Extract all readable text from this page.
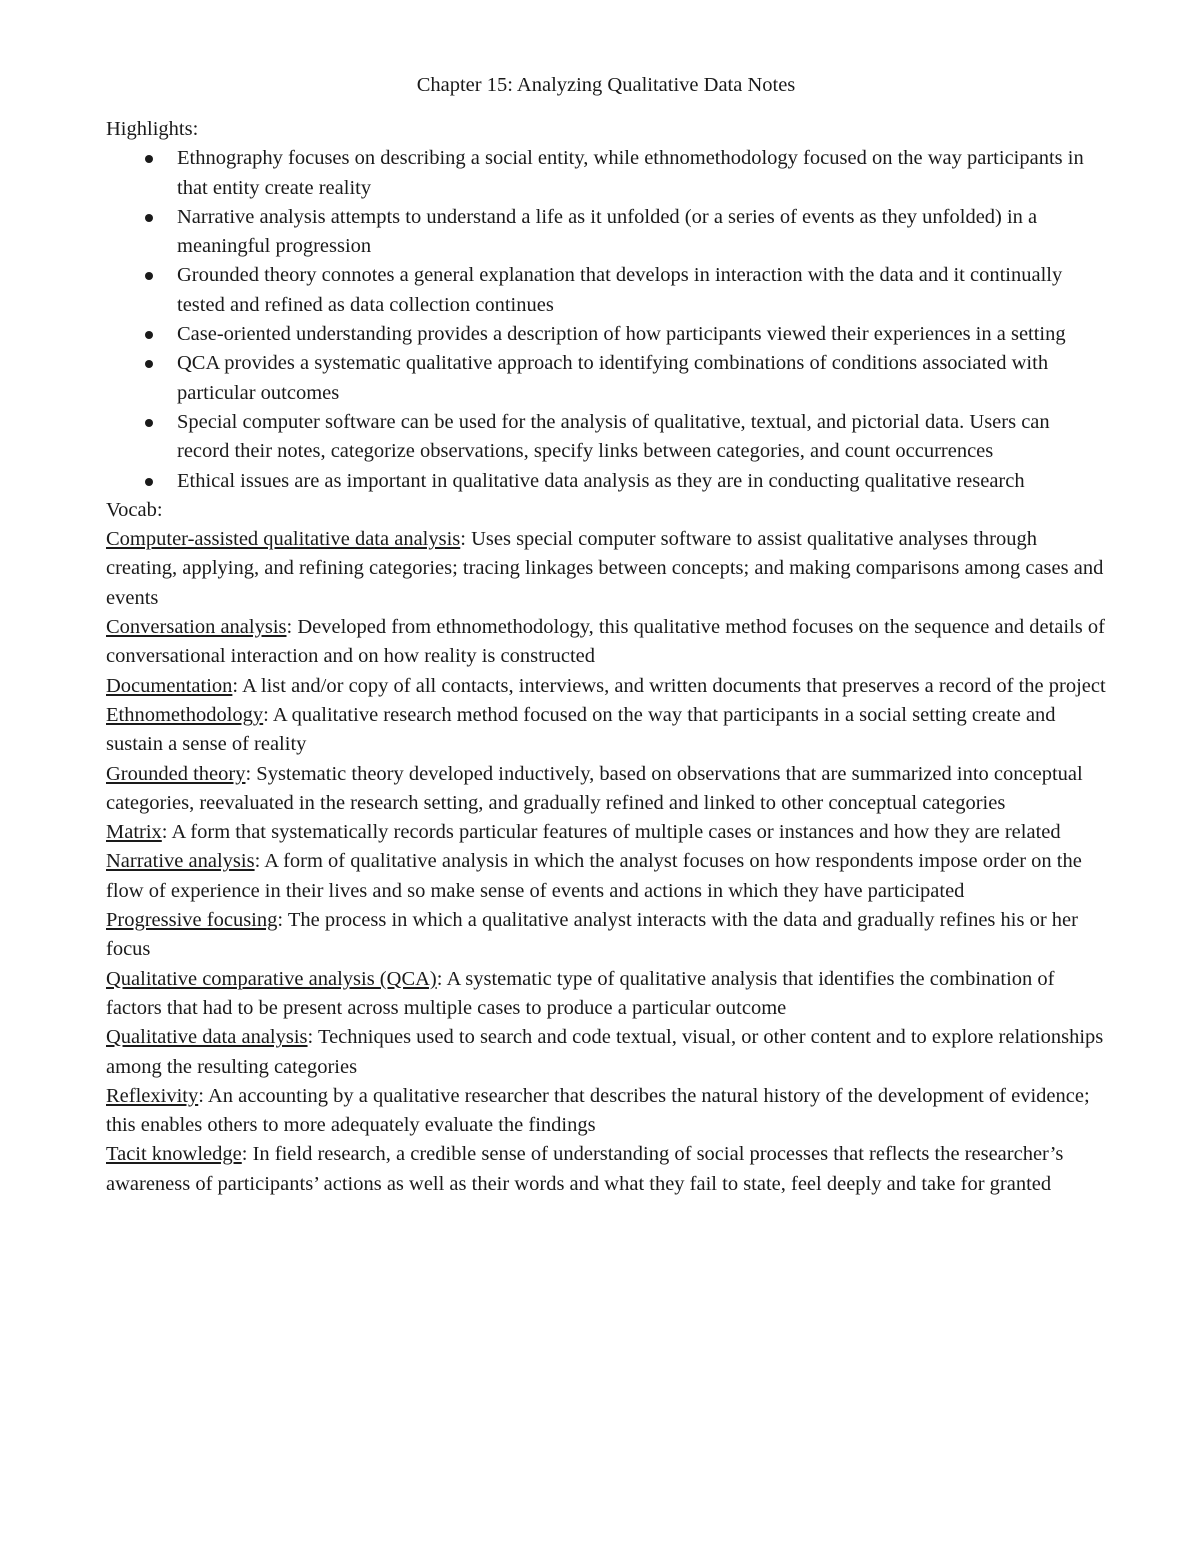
Chapter 15: Analyzing Qualitative Data Notes

Highlights:

Ethnography focuses on describing a social entity, while ethnomethodology focused on the way participants in that entity create reality
Narrative analysis attempts to understand a life as it unfolded (or a series of events as they unfolded) in a meaningful progression
Grounded theory connotes a general explanation that develops in interaction with the data and it continually tested and refined as data collection continues
Case-oriented understanding provides a description of how participants viewed their experiences in a setting
QCA provides a systematic qualitative approach to identifying combinations of conditions associated with particular outcomes
Special computer software can be used for the analysis of qualitative, textual, and pictorial data. Users can record their notes, categorize observations, specify links between categories, and count occurrences
Ethical issues are as important in qualitative data analysis as they are in conducting qualitative research

Vocab:

Computer-assisted qualitative data analysis: Uses special computer software to assist qualitative analyses through creating, applying, and refining categories; tracing linkages between concepts; and making comparisons among cases and events

Conversation analysis: Developed from ethnomethodology, this qualitative method focuses on the sequence and details of conversational interaction and on how reality is constructed

Documentation: A list and/or copy of all contacts, interviews, and written documents that preserves a record of the project

Ethnomethodology: A qualitative research method focused on the way that participants in a social setting create and sustain a sense of reality

Grounded theory: Systematic theory developed inductively, based on observations that are summarized into conceptual categories, reevaluated in the research setting, and gradually refined and linked to other conceptual categories

Matrix: A form that systematically records particular features of multiple cases or instances and how they are related

Narrative analysis: A form of qualitative analysis in which the analyst focuses on how respondents impose order on the flow of experience in their lives and so make sense of events and actions in which they have participated

Progressive focusing: The process in which a qualitative analyst interacts with the data and gradually refines his or her focus

Qualitative comparative analysis (QCA): A systematic type of qualitative analysis that identifies the combination of factors that had to be present across multiple cases to produce a particular outcome

Qualitative data analysis: Techniques used to search and code textual, visual, or other content and to explore relationships among the resulting categories

Reflexivity: An accounting by a qualitative researcher that describes the natural history of the development of evidence; this enables others to more adequately evaluate the findings

Tacit knowledge: In field research, a credible sense of understanding of social processes that reflects the researcher’s awareness of participants’ actions as well as their words and what they fail to state, feel deeply and take for granted
